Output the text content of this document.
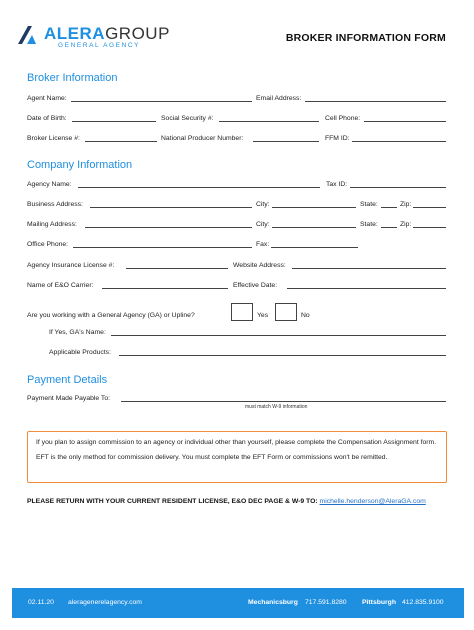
ALERAGROUP
GENERAL AGENCY
BROKER INFORMATION FORM
Broker Information
Agent Name:	Email Address:
Date of Birth:	Social Security #:	Cell Phone:
Broker License #:	National Producer Number:	FFM ID:
Company Information
Agency Name:	Tax ID:
Business Address:	City:	State:	Zip:
Mailing Address:	City:	State:	Zip:
Office Phone:	Fax:
Agency Insurance License #:	Website Address:
Name of E&O Carrier:	Effective Date:
Are you working with a General Agency (GA) or Upline?	Yes	No
If Yes, GA's Name:
Applicable Products:
Payment Details
Payment Made Payable To:
must match W-9 information

If you plan to assign commission to an agency or individual other than yourself, please complete the Compensation Assignment form.

EFT is the only method for commission delivery. You must complete the EFT Form or commissions won't be remitted.

PLEASE RETURN WITH YOUR CURRENT RESIDENT LICENSE, E&O DEC PAGE & W-9 TO: michelle.henderson@AleraGA.com
02.11.20 aleragenerelagency.com	Mechanicsburg 717.591.8280 Pittsburgh 412.835.9100
